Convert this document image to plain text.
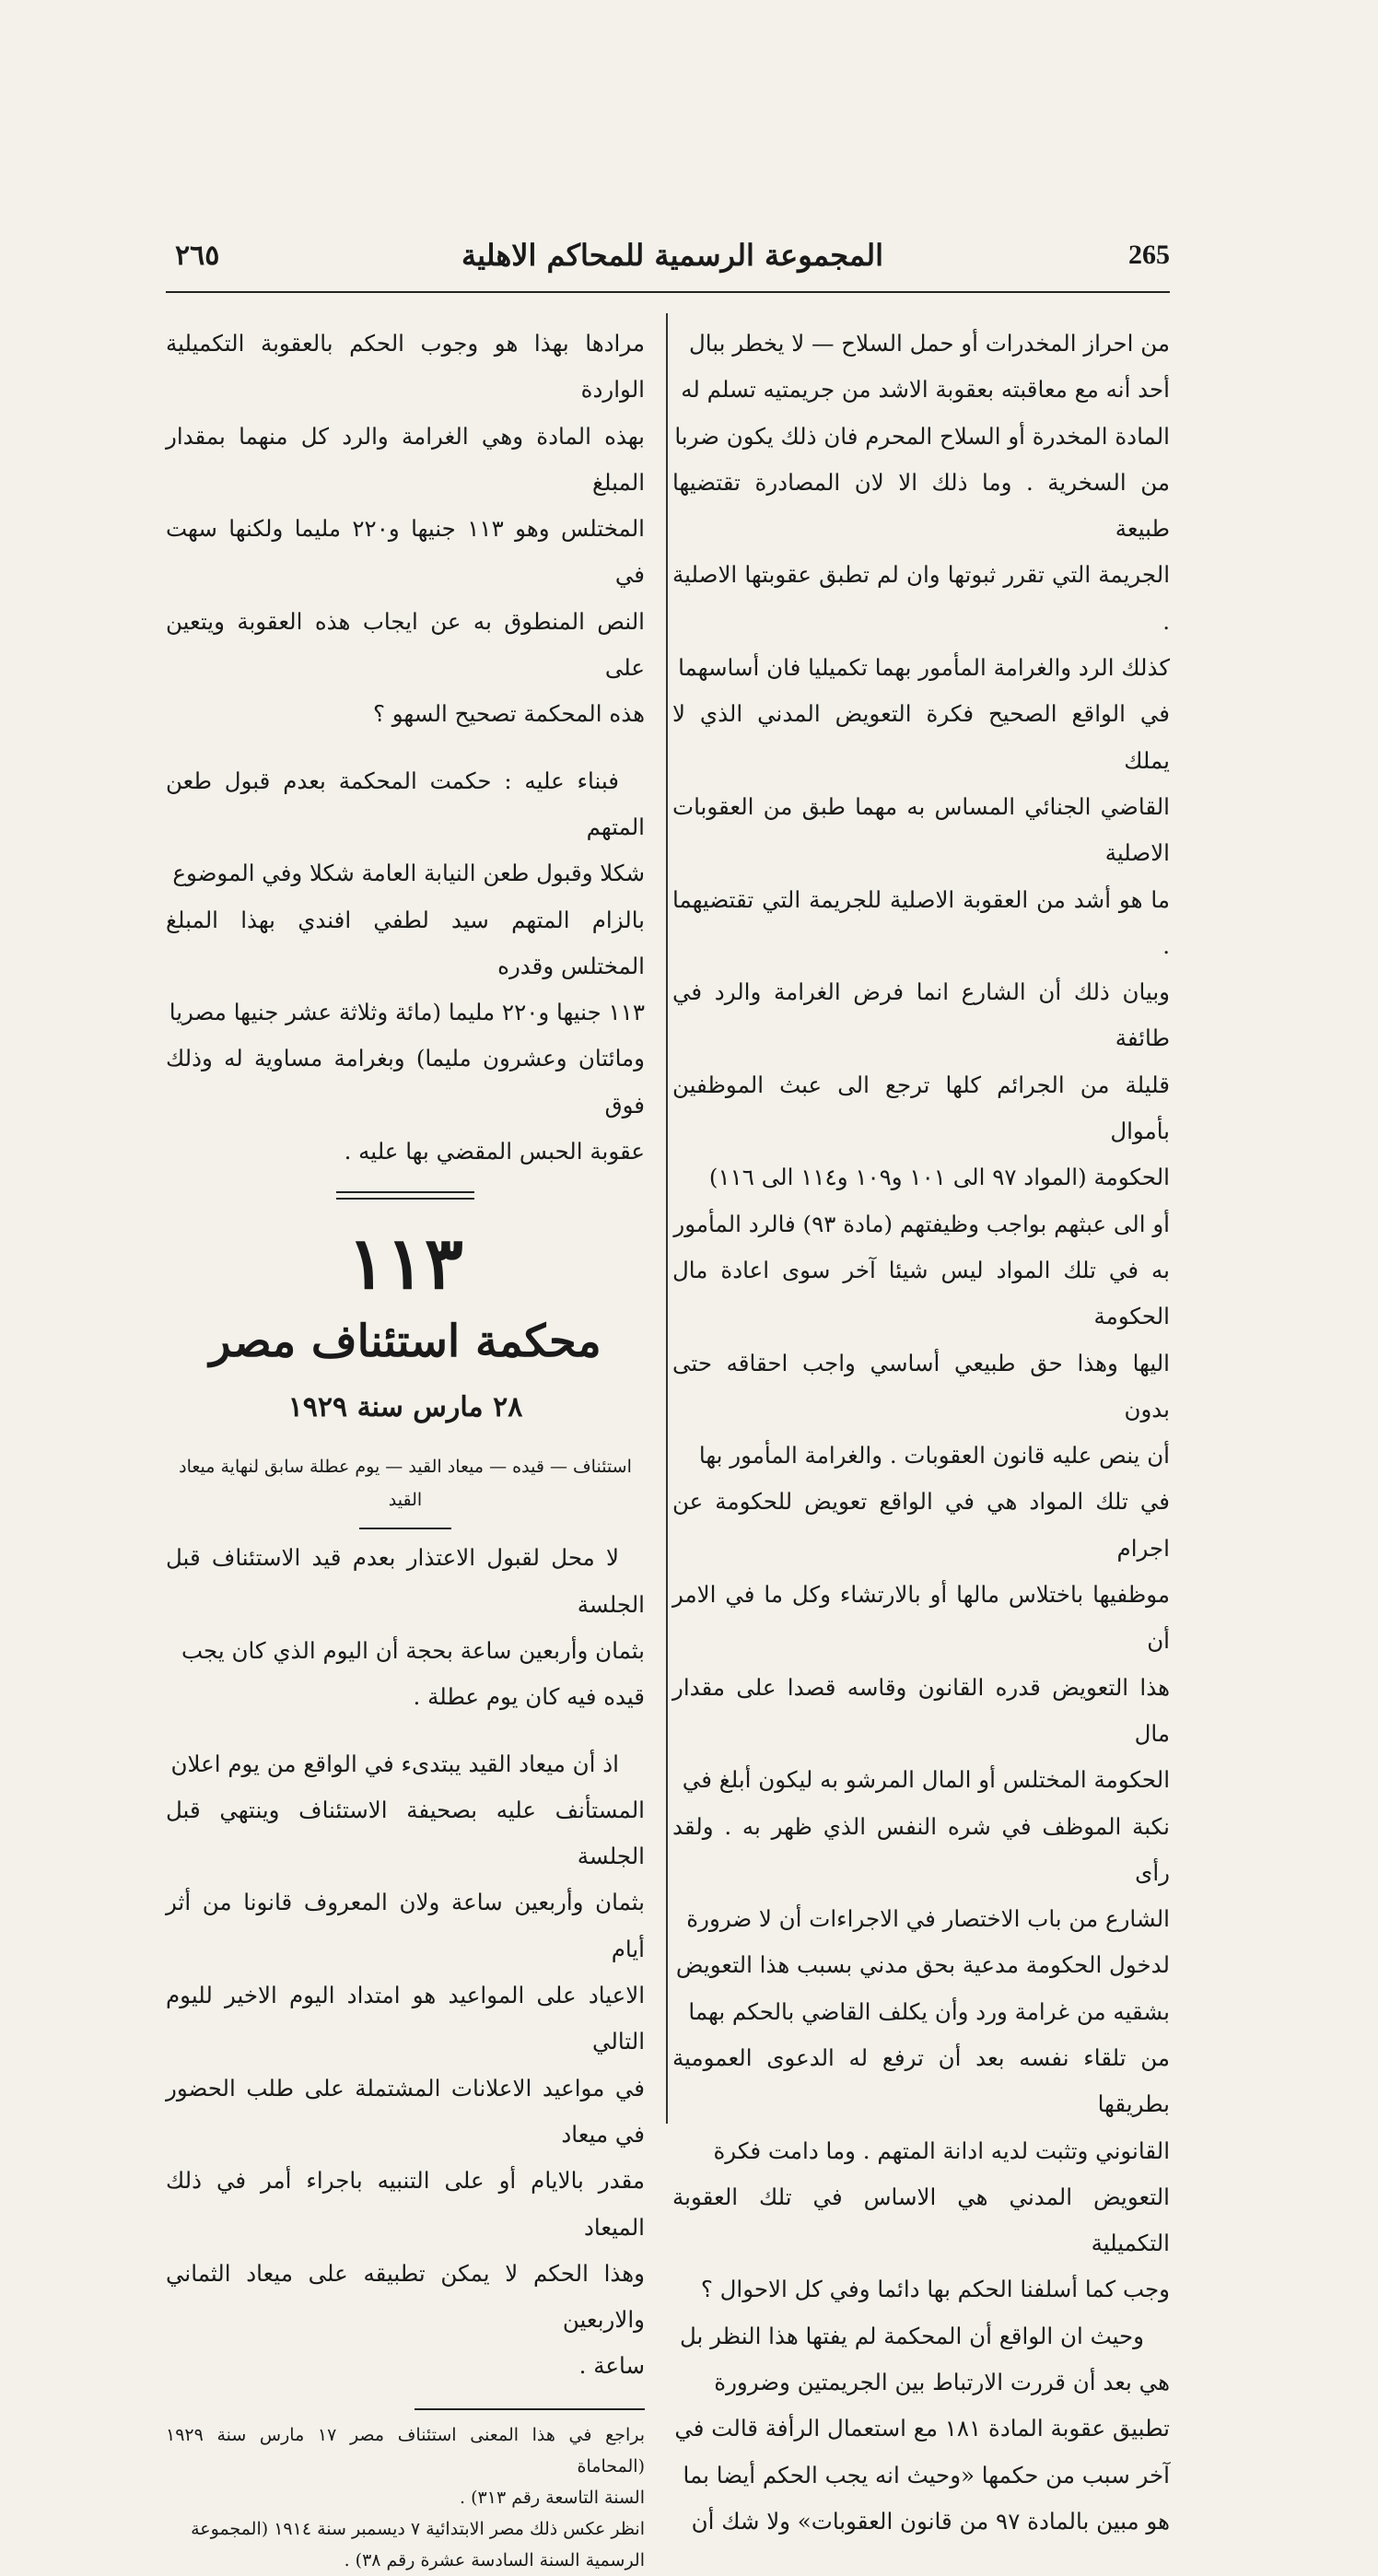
٢٦٥	المجموعة الرسمية للمحاكم الاهلية	265

من احراز المخدرات أو حمل السلاح — لا يخطر ببال

أحد أنه مع معاقبته بعقوبة الاشد من جريمتيه تسلم له

المادة المخدرة أو السلاح المحرم فان ذلك يكون ضربا

من السخرية . وما ذلك الا لان المصادرة تقتضيها طبيعة

الجريمة التي تقرر ثبوتها وان لم تطبق عقوبتها الاصلية .

كذلك الرد والغرامة المأمور بهما تكميليا فان أساسهما

في الواقع الصحيح فكرة التعويض المدني الذي لا يملك

القاضي الجنائي المساس به مهما طبق من العقوبات الاصلية

ما هو أشد من العقوبة الاصلية للجريمة التي تقتضيهما .

وبيان ذلك أن الشارع انما فرض الغرامة والرد في طائفة

قليلة من الجرائم كلها ترجع الى عبث الموظفين بأموال

الحكومة (المواد ٩٧ الى ١٠١ و١٠٩ و١١٤ الى ١١٦)

أو الى عبثهم بواجب وظيفتهم (مادة ٩٣) فالرد المأمور

به في تلك المواد ليس شيئا آخر سوى اعادة مال الحكومة

اليها وهذا حق طبيعي أساسي واجب احقاقه حتى بدون

أن ينص عليه قانون العقوبات . والغرامة المأمور بها

في تلك المواد هي في الواقع تعويض للحكومة عن اجرام

موظفيها باختلاس مالها أو بالارتشاء وكل ما في الامر أن

هذا التعويض قدره القانون وقاسه قصدا على مقدار مال

الحكومة المختلس أو المال المرشو به ليكون أبلغ في

نكبة الموظف في شره النفس الذي ظهر به . ولقد رأى

الشارع من باب الاختصار في الاجراءات أن لا ضرورة

لدخول الحكومة مدعية بحق مدني بسبب هذا التعويض

بشقيه من غرامة ورد وأن يكلف القاضي بالحكم بهما

من تلقاء نفسه بعد أن ترفع له الدعوى العمومية بطريقها

القانوني وتثبت لديه ادانة المتهم . وما دامت فكرة

التعويض المدني هي الاساس في تلك العقوبة التكميلية

وجب كما أسلفنا الحكم بها دائما وفي كل الاحوال ؟

وحيث ان الواقع أن المحكمة لم يفتها هذا النظر بل

هي بعد أن قررت الارتباط بين الجريمتين وضرورة

تطبيق عقوبة المادة ١٨١ مع استعمال الرأفة قالت في

آخر سبب من حكمها «وحيث انه يجب الحكم أيضا بما

هو مبين بالمادة ٩٧ من قانون العقوبات» ولا شك أن

مرادها بهذا هو وجوب الحكم بالعقوبة التكميلية الواردة

بهذه المادة وهي الغرامة والرد كل منهما بمقدار المبلغ

المختلس وهو ١١٣ جنيها و٢٢٠ مليما ولكنها سهت في

النص المنطوق به عن ايجاب هذه العقوبة ويتعين على

هذه المحكمة تصحيح السهو ؟

فبناء عليه : حكمت المحكمة بعدم قبول طعن المتهم

شكلا وقبول طعن النيابة العامة شكلا وفي الموضوع

بالزام المتهم سيد لطفي افندي بهذا المبلغ المختلس وقدره

١١٣ جنيها و٢٢٠ مليما (مائة وثلاثة عشر جنيها مصريا

ومائتان وعشرون مليما) وبغرامة مساوية له وذلك فوق

عقوبة الحبس المقضي بها عليه .

١١٣
محكمة استئناف مصر
٢٨ مارس سنة ١٩٢٩
استئناف — قيده — ميعاد القيد — يوم عطلة سابق لنهاية ميعاد القيد

لا محل لقبول الاعتذار بعدم قيد الاستئناف قبل الجلسة

بثمان وأربعين ساعة بحجة أن اليوم الذي كان يجب

قيده فيه كان يوم عطلة .

اذ أن ميعاد القيد يبتدىء في الواقع من يوم اعلان

المستأنف عليه بصحيفة الاستئناف وينتهي قبل الجلسة

بثمان وأربعين ساعة ولان المعروف قانونا من أثر أيام

الاعياد على المواعيد هو امتداد اليوم الاخير لليوم التالي

في مواعيد الاعلانات المشتملة على طلب الحضور في ميعاد

مقدر بالايام أو على التنبيه باجراء أمر في ذلك الميعاد

وهذا الحكم لا يمكن تطبيقه على ميعاد الثماني والاربعين

ساعة .

براجع في هذا المعنى استئناف مصر ١٧ مارس سنة ١٩٢٩ (المحاماة

السنة التاسعة رقم ٣١٣) .

انظر عكس ذلك مصر الابتدائية ٧ ديسمبر سنة ١٩١٤ (المجموعة

الرسمية السنة السادسة عشرة رقم ٣٨) .
